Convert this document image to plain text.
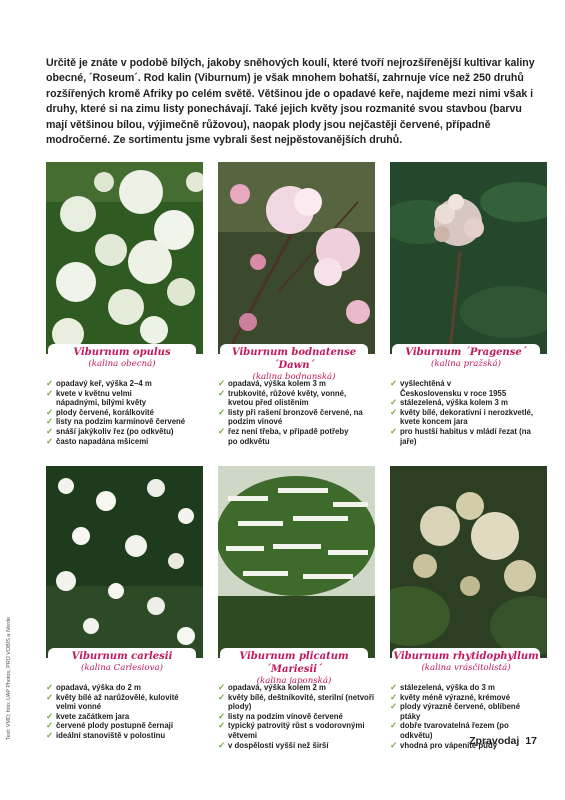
Určitě je znáte v podobě bílých, jakoby sněhových koulí, které tvoří nejrozšířenější kultivar kaliny obecné, ´Roseum´. Rod kalin (Viburnum) je však mnohem bohatší, zahrnuje více než 250 druhů rozšířených kromě Afriky po celém světě. Většinou jde o opadavé keře, najdeme mezi nimi však i druhy, které si na zimu listy ponechávají. Také jejich květy jsou rozmanité svou stavbou (barvu mají většinou bílou, výjimečně růžovou), naopak plody jsou nejčastěji červené, případně modročerné. Ze sortimentu jsme vybrali šest nejpěstovanějších druhů.

Viburnum opulus
(kalina obecná)
✓ opadavý keř, výška 2–4 m
✓ kvete v květnu velmi nápadnými, bílými květy
✓ plody červené, korálkovité
✓ listy na podzim karmínově červené
✓ snáší jakýkoliv řez (po odkvětu)
✓ často napadána mšicemi
Viburnum bodnatense ´Dawn´
(kalina bodnanská)
✓ opadavá, výška kolem 3 m
✓ trubkovité, růžové květy, vonné, kvetou před olistěním
✓ listy při rašení bronzově červené, na podzim vínové
✓ řez není třeba, v případě potřeby po odkvětu
Viburnum ´Pragense´
(kalina pražská)
✓ vyšlechtěná v Československu v roce 1955
✓ stálezelená, výška kolem 3 m
✓ květy bílé, dekorativní i nerozkvetlé, kvete koncem jara
✓ pro hustší habitus v mládí řezat (na jaře)
Viburnum carlesii
(kalina Carlesiova)
✓ opadavá, výška do 2 m
✓ květy bílé až narůžovělé, kulovité velmi vonné
✓ kvete začátkem jara
✓ červené plody postupně černají
✓ ideální stanoviště v polostínu
Viburnum plicatum ´Mariesii´
(kalina japonská)
✓ opadavá, výška kolem 2 m
✓ květy bílé, deštníkovité, sterilní (netvoří plody)
✓ listy na podzim vínově červené
✓ typický patrovitý růst s vodorovnými větvemi
✓ v dospělosti vyšší než širší
Viburnum rhytidophyllum
(kalina vrásčitolistá)
✓ stálezelená, výška do 3 m
✓ květy méně výrazné, krémové
✓ plody výrazně červené, oblíbené ptáky
✓ dobře tvarovatelná řezem (po odkvětu)
✓ vhodná pro vápenité půdy
Text: VMD; foto: UAP Photos, PRO VOBIS a iVerde
Zpravodaj 17
